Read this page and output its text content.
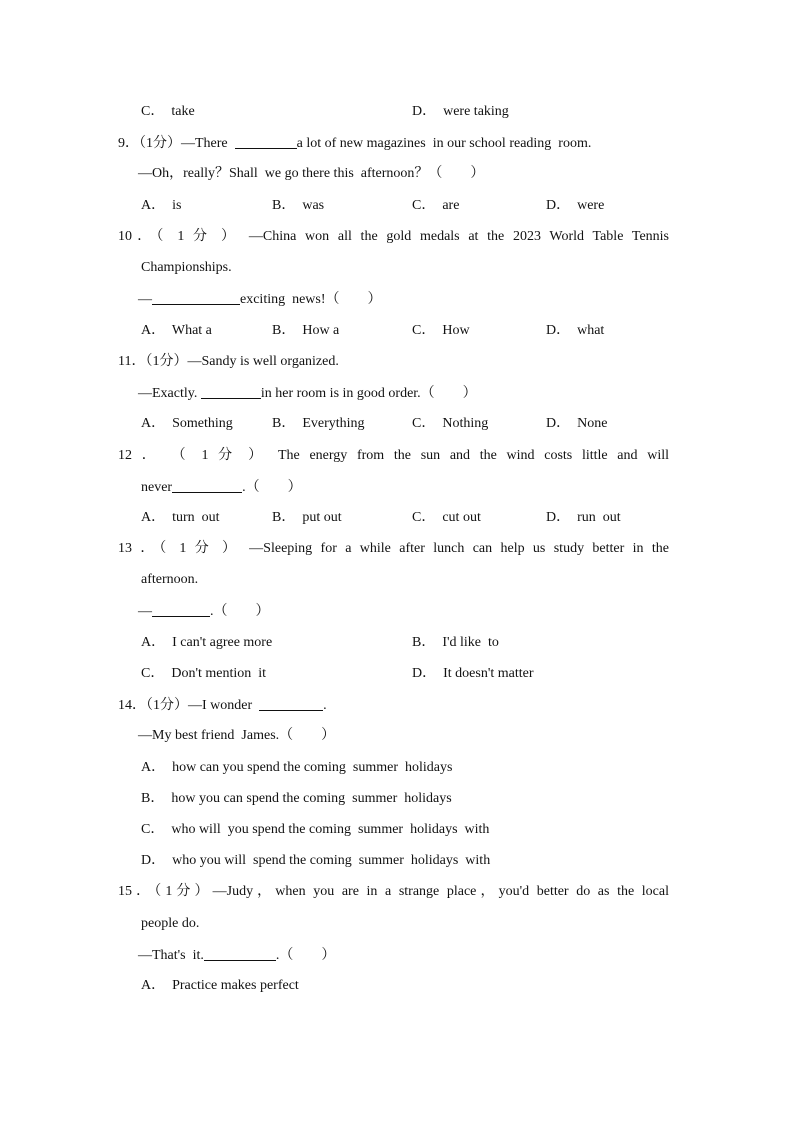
C．  take	D．  were taking
9．（1分）—There	a lot of new magazines  in our school reading  room.
—Oh，really？Shall  we go there this  afternoon？（        ）
A．  is	B．  was	C．  are	D．  were
10．（ 1 分 ） —China won all the gold medals at the 2023 World Table Tennis
Championships.
—	exciting  news!（        ）
A．  What a	B．  How a	C．  How	D．  what
11．（1分）—Sandy is well organized.
—Exactly.	in her room is in good order.（        ）
A．  Something	B．  Everything	C．  Nothing	D．  None
12 ． （ 1 分 ） The energy from the sun and the wind costs little and will
never	.（        ）
A．  turn  out	B．  put out	C．  cut out	D．  run  out
13 ．（ 1 分 ） —Sleeping for a while after lunch can help us study better in the
afternoon.
—	.（        ）
A．  I can't agree more	B．  I'd like  to
C．  Don't mention  it	D．  It doesn't matter
14．（1分）—I wonder	.
—My best friend  James.（        ）
A．  how can you spend the coming  summer  holidays
B．  how you can spend the coming  summer  holidays
C．  who will  you spend the coming  summer  holidays  with
D．  who you will  spend the coming  summer  holidays  with
15．（1分）—Judy，when you are in a strange place，you'd better do as the local
people do.
—That's  it.	.（        ）
A．  Practice makes perfect
